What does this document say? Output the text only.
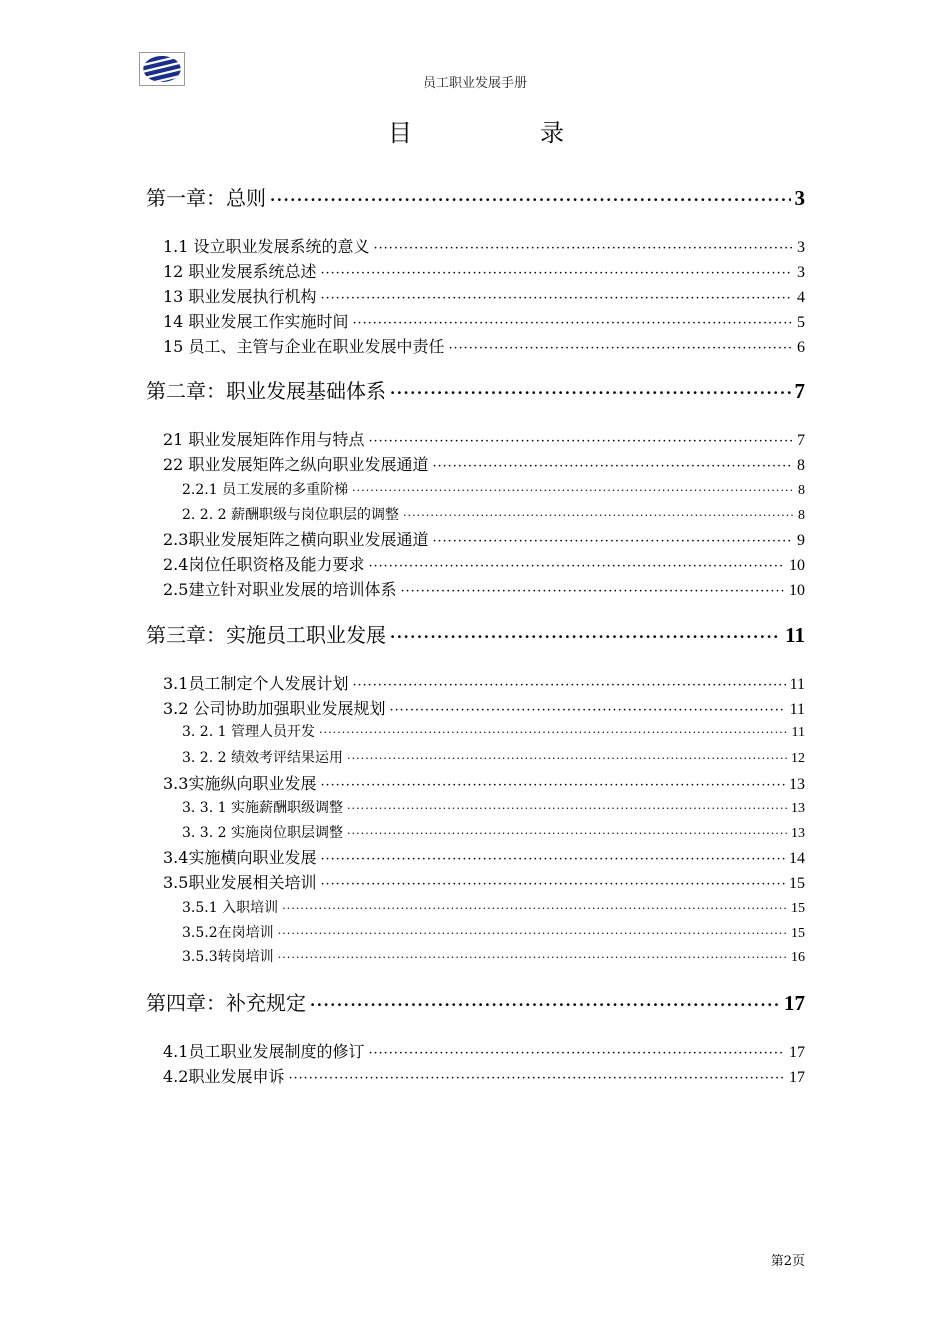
员工职业发展手册
目	录
第一章：总则 ·····	3
1.1 设立职业发展系统的意义 ·····	3
12 职业发展系统总述 ·····	3
13 职业发展执行机构 ·····	4
14 职业发展工作实施时间 ·····	5
15 员工、主管与企业在职业发展中责任 ·····	6
第二章：职业发展基础体系 ·····	7
21 职业发展矩阵作用与特点 ·····	7
22 职业发展矩阵之纵向职业发展通道 ·····	8
2.2.1 员工发展的多重阶梯 ·····	8
2. 2. 2 薪酬职级与岗位职层的调整 ·····	8
2.3职业发展矩阵之横向职业发展通道 ·····	9
2.4岗位任职资格及能力要求 ·····	10
2.5建立针对职业发展的培训体系 ·····	10
第三章：实施员工职业发展 ·····	11
3.1员工制定个人发展计划 ·····	11
3.2 公司协助加强职业发展规划 ·····	11
3. 2. 1 管理人员开发 ·····	11
3. 2. 2 绩效考评结果运用 ·····	12
3.3实施纵向职业发展 ·····	13
3. 3. 1 实施薪酬职级调整 ·····	13
3. 3. 2 实施岗位职层调整 ·····	13
3.4实施横向职业发展 ·····	14
3.5职业发展相关培训 ·····	15
3.5.1 入职培训 ·····	15
3.5.2在岗培训 ·····	15
3.5.3转岗培训 ·····	16
第四章：补充规定 ·····	17
4.1员工职业发展制度的修订 ·····	17
4.2职业发展申诉 ·····	17
第2页
